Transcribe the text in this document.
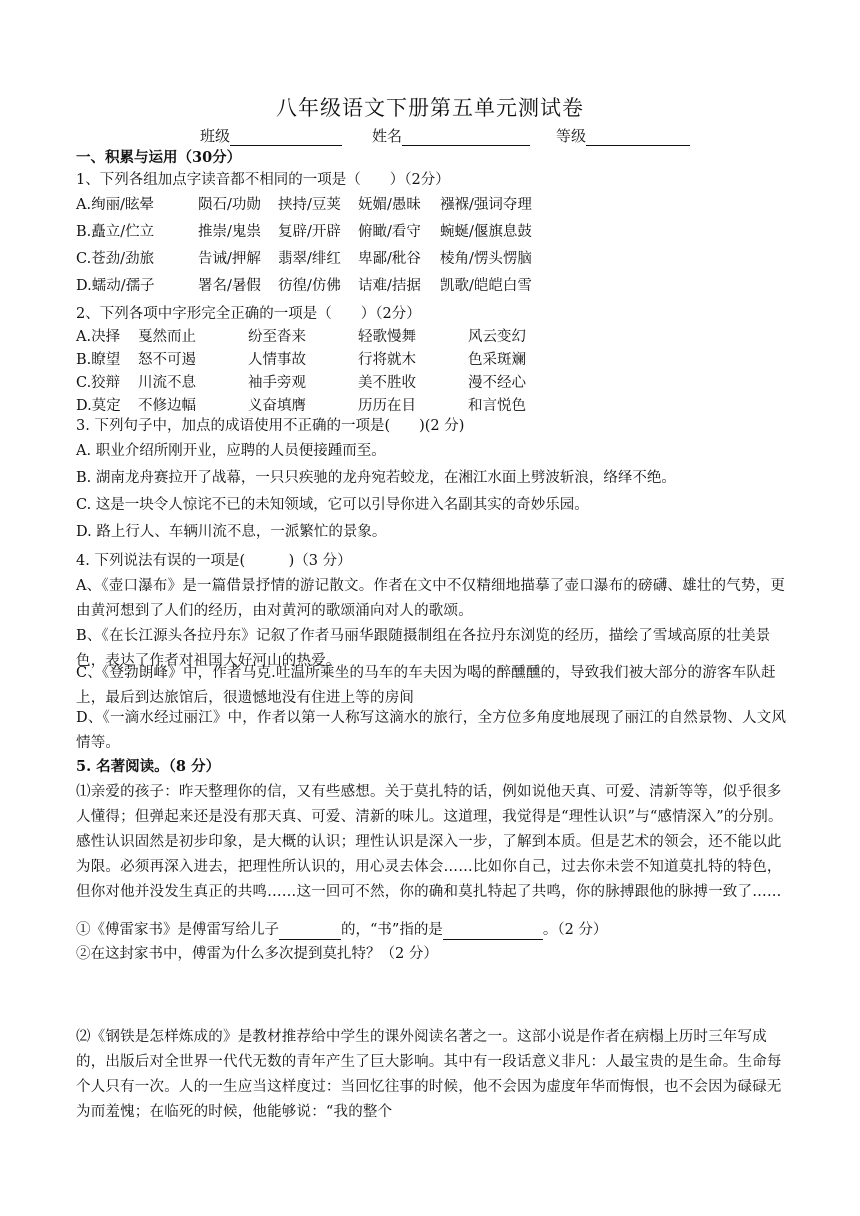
八年级语文下册第五单元测试卷
班级	姓名	等级
一、积累与运用（30分）
1、下列各组加点字读音都不相同的一项是（　　）（2分）
A.绚丽/眩晕	陨石/功勋 挟持/豆荚 妩媚/愚昧 襁褓/强词夺理
B.矗立/伫立	推崇/鬼祟 复辟/开辟 俯瞰/看守 蜿蜒/偃旗息鼓
C.苍劲/劲旅	告诫/押解 翡翠/绯红 卑鄙/秕谷 棱角/愣头愣脑
D.蠕动/孺子	署名/暑假 彷徨/仿佛 诘难/拮据 凯歌/皑皑白雪
2、下列各项中字形完全正确的一项是（　　）（2分）
A.决择 戛然而止	纷至沓来	轻歌慢舞	风云变幻
B.瞭望 怒不可遏	人情事故	行将就木	色采斑斓
C.狡辩 川流不息	袖手旁观	美不胜收	漫不经心
D.莫定 不修边幅	义奋填膺	历历在目	和言悦色
3. 下列句子中，加点的成语使用不正确的一项是(　　)(2 分)
A. 职业介绍所刚开业，应聘的人员便接踵而至。
B. 湖南龙舟赛拉开了战幕，一只只疾驰的龙舟宛若蛟龙，在湘江水面上劈波斩浪，络绎不绝。
C. 这是一块令人惊诧不已的未知领域，它可以引导你进入名副其实的奇妙乐园。
D. 路上行人、车辆川流不息，一派繁忙的景象。
4. 下列说法有误的一项是(　　　)（3 分）
A、《壶口瀑布》是一篇借景抒情的游记散文。作者在文中不仅精细地描摹了壶口瀑布的磅礴、雄壮的气势，更由黄河想到了人们的经历，由对黄河的歌颂涌向对人的歌颂。
B、《在长江源头各拉丹东》记叙了作者马丽华跟随摄制组在各拉丹东浏览的经历，描绘了雪域高原的壮美景色，表达了作者对祖国大好河山的热爱。
C、《登勃朗峰》中，作者马克.吐温所乘坐的马车的车夫因为喝的醉醺醺的，导致我们被大部分的游客车队赶上，最后到达旅馆后，很遗憾地没有住进上等的房间
D、《一滴水经过丽江》中，作者以第一人称写这滴水的旅行，全方位多角度地展现了丽江的自然景物、人文风情等。
5. 名著阅读。（8 分）
⑴亲爱的孩子：昨天整理你的信，又有些感想。关于莫扎特的话，例如说他天真、可爱、清新等等，似乎很多人懂得；但弹起来还是没有那天真、可爱、清新的味儿。这道理，我觉得是“理性认识”与“感情深入”的分别。感性认识固然是初步印象，是大概的认识；理性认识是深入一步，了解到本质。但是艺术的领会，还不能以此为限。必须再深入进去，把理性所认识的，用心灵去体会……比如你自己，过去你未尝不知道莫扎特的特色，但你对他并没发生真正的共鸣……这一回可不然，你的确和莫扎特起了共鸣，你的脉搏跟他的脉搏一致了……
①《傅雷家书》是傅雷写给儿子	的，“书”指的是	。（2 分）
②在这封家书中，傅雷为什么多次提到莫扎特？（2 分）
⑵《钢铁是怎样炼成的》是教材推荐给中学生的课外阅读名著之一。这部小说是作者在病榻上历时三年写成的，出版后对全世界一代代无数的青年产生了巨大影响。其中有一段话意义非凡：人最宝贵的是生命。生命每个人只有一次。人的一生应当这样度过：当回忆往事的时候，他不会因为虚度年华而悔恨，也不会因为碌碌无为而羞愧；在临死的时候，他能够说：“我的整个
